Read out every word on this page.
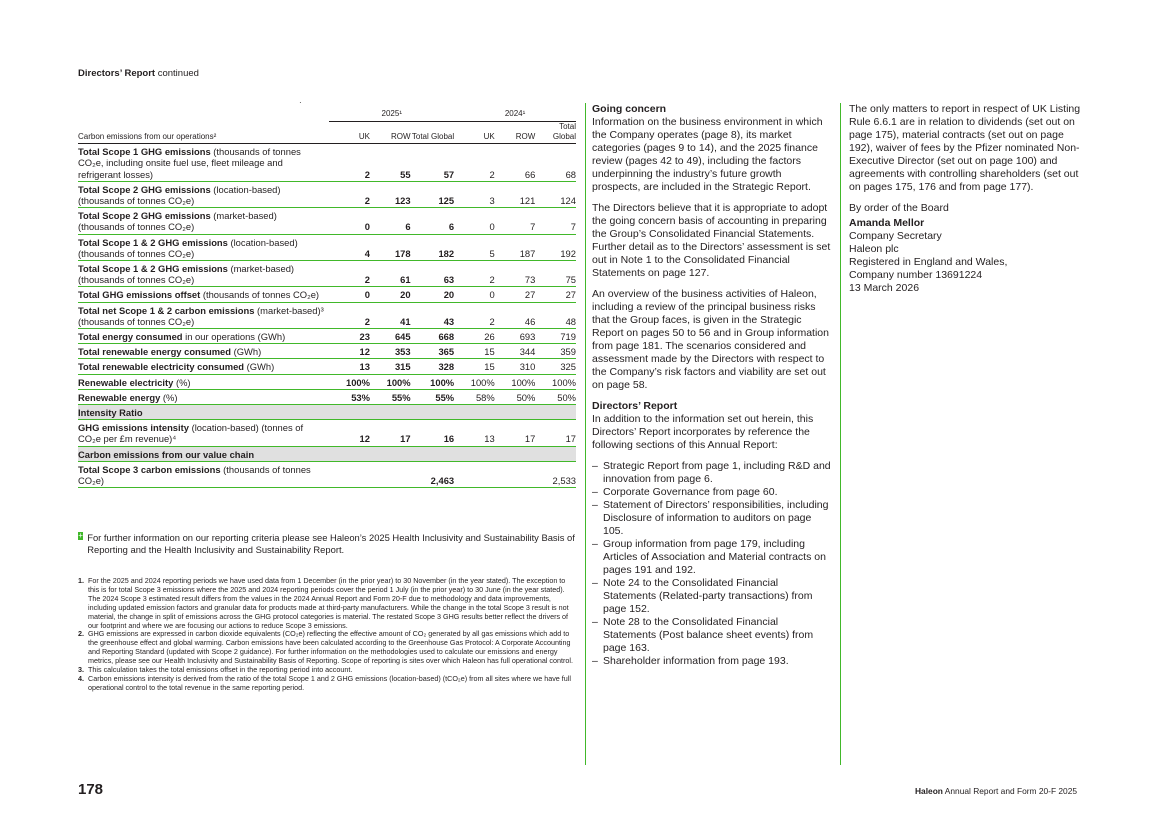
Directors’ Report continued
·
	2025¹			2024¹		
Carbon emissions from our operations²	UK	ROW	Total Global	UK	ROW	Total Global
Total Scope 1 GHG emissions (thousands of tonnes CO₂e, including onsite fuel use, fleet mileage and refrigerant losses)	2	55	57	2	66	68
Total Scope 2 GHG emissions (location-based) (thousands of tonnes CO₂e)	2	123	125	3	121	124
Total Scope 2 GHG emissions (market-based) (thousands of tonnes CO₂e)	0	6	6	0	7	7
Total Scope 1 & 2 GHG emissions (location-based) (thousands of tonnes CO₂e)	4	178	182	5	187	192
Total Scope 1 & 2 GHG emissions (market-based) (thousands of tonnes CO₂e)	2	61	63	2	73	75
Total GHG emissions offset (thousands of tonnes CO₂e)	0	20	20	0	27	27
Total net Scope 1 & 2 carbon emissions (market-based)³ (thousands of tonnes CO₂e)	2	41	43	2	46	48
Total energy consumed in our operations (GWh)	23	645	668	26	693	719
Total renewable energy consumed (GWh)	12	353	365	15	344	359
Total renewable electricity consumed (GWh)	13	315	328	15	310	325
Renewable electricity (%)	100%	100%	100%	100%	100%	100%
Renewable energy (%)	53%	55%	55%	58%	50%	50%
Intensity Ratio						
GHG emissions intensity (location-based) (tonnes of CO₂e per £m revenue)⁴	12	17	16	13	17	17
Carbon emissions from our value chain						
Total Scope 3 carbon emissions (thousands of tonnes CO₂e)			2,463			2,533
+ For further information on our reporting criteria please see Haleon’s 2025 Health Inclusivity and Sustainability Basis of Reporting and the Health Inclusivity and Sustainability Report.
1. For the 2025 and 2024 reporting periods we have used data from 1 December (in the prior year) to 30 November (in the year stated). The exception to this is for total Scope 3 emissions where the 2025 and 2024 reporting periods cover the period 1 July (in the prior year) to 30 June (in the year stated). The 2024 Scope 3 estimated result differs from the values in the 2024 Annual Report and Form 20-F due to methodology and data improvements, including updated emission factors and granular data for products made at third-party manufacturers. While the change in the total Scope 3 result is not material, the change in split of emissions across the GHG protocol categories is material. The restated Scope 3 GHG results better reflect the drivers of our footprint and where we are focusing our actions to reduce Scope 3 emissions.
2. GHG emissions are expressed in carbon dioxide equivalents (CO₂e) reflecting the effective amount of CO₂ generated by all gas emissions which add to the greenhouse effect and global warming. Carbon emissions have been calculated according to the Greenhouse Gas Protocol: A Corporate Accounting and Reporting Standard (updated with Scope 2 guidance). For further information on the methodologies used to calculate our emissions and energy metrics, please see our Health Inclusivity and Sustainability Basis of Reporting. Scope of reporting is sites over which Haleon has full operational control.
3. This calculation takes the total emissions offset in the reporting period into account.
4. Carbon emissions intensity is derived from the ratio of the total Scope 1 and 2 GHG emissions (location-based) (tCO₂e) from all sites where we have full operational control to the total revenue in the same reporting period.
Going concern

Information on the business environment in which the Company operates (page 8), its market categories (pages 9 to 14), and the 2025 finance review (pages 42 to 49), including the factors underpinning the industry’s future growth prospects, are included in the Strategic Report.

The Directors believe that it is appropriate to adopt the going concern basis of accounting in preparing the Group’s Consolidated Financial Statements. Further detail as to the Directors’ assessment is set out in Note 1 to the Consolidated Financial Statements on page 127.

An overview of the business activities of Haleon, including a review of the principal business risks that the Group faces, is given in the Strategic Report on pages 50 to 56 and in Group information from page 181. The scenarios considered and assessment made by the Directors with respect to the Company’s risk factors and viability are set out on page 58.

Directors’ Report

In addition to the information set out herein, this Directors’ Report incorporates by reference the following sections of this Annual Report:

– Strategic Report from page 1, including R&D and innovation from page 6.
– Corporate Governance from page 60.
– Statement of Directors’ responsibilities, including Disclosure of information to auditors on page 105.
– Group information from page 179, including Articles of Association and Material contracts on pages 191 and 192.
– Note 24 to the Consolidated Financial Statements (Related-party transactions) from page 152.
– Note 28 to the Consolidated Financial Statements (Post balance sheet events) from page 163.
– Shareholder information from page 193.

The only matters to report in respect of UK Listing Rule 6.6.1 are in relation to dividends (set out on page 175), material contracts (set out on page 192), waiver of fees by the Pfizer nominated Non-Executive Director (set out on page 100) and agreements with controlling shareholders (set out on pages 175, 176 and from page 177).

By order of the Board

Amanda Mellor
Company Secretary
Haleon plc
Registered in England and Wales,
Company number 13691224
13 March 2026
178	Haleon Annual Report and Form 20-F 2025
